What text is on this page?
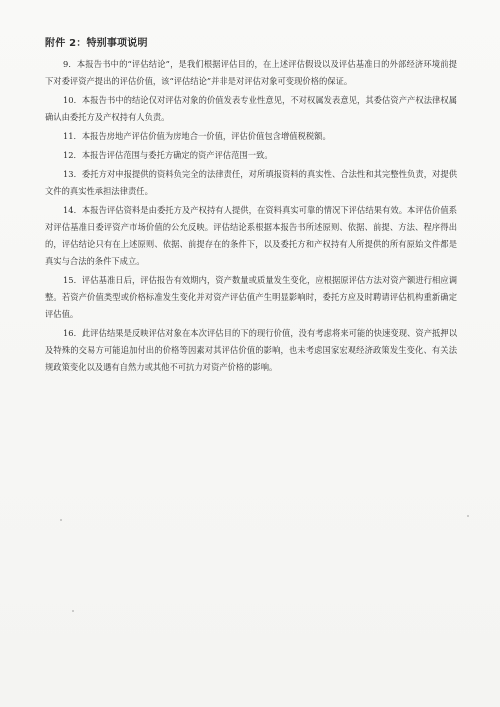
附件 2：特别事项说明

9．本报告书中的“评估结论”，是我们根据评估目的，在上述评估假设以及评估基准日的外部经济环境前提下对委评资产提出的评估价值，该“评估结论”并非是对评估对象可变现价格的保证。

10．本报告书中的结论仅对评估对象的价值发表专业性意见，不对权属发表意见，其委估资产产权法律权属确认由委托方及产权持有人负责。

11．本报告房地产评估价值为房地合一价值，评估价值包含增值税税额。

12．本报告评估范围与委托方确定的资产评估范围一致。

13．委托方对申报提供的资料负完全的法律责任，对所填报资料的真实性、合法性和其完整性负责，对提供文件的真实性承担法律责任。

14．本报告评估资料是由委托方及产权持有人提供，在资料真实可靠的情况下评估结果有效。本评估价值系对评估基准日委评资产市场价值的公允反映。评估结论系根据本报告书所述原则、依据、前提、方法、程序得出的，评估结论只有在上述原则、依据、前提存在的条件下，以及委托方和产权持有人所提供的所有原始文件都是真实与合法的条件下成立。

15．评估基准日后，评估报告有效期内，资产数量或质量发生变化，应根据原评估方法对资产额进行相应调整。若资产价值类型或价格标准发生变化并对资产评估值产生明显影响时，委托方应及时聘请评估机构重新确定评估值。

16．此评估结果是反映评估对象在本次评估目的下的现行价值，没有考虑将来可能的快速变现、资产抵押以及特殊的交易方可能追加付出的价格等因素对其评估价值的影响，也未考虑国家宏观经济政策发生变化、有关法规政策变化以及遇有自然力或其他不可抗力对资产价格的影响。
